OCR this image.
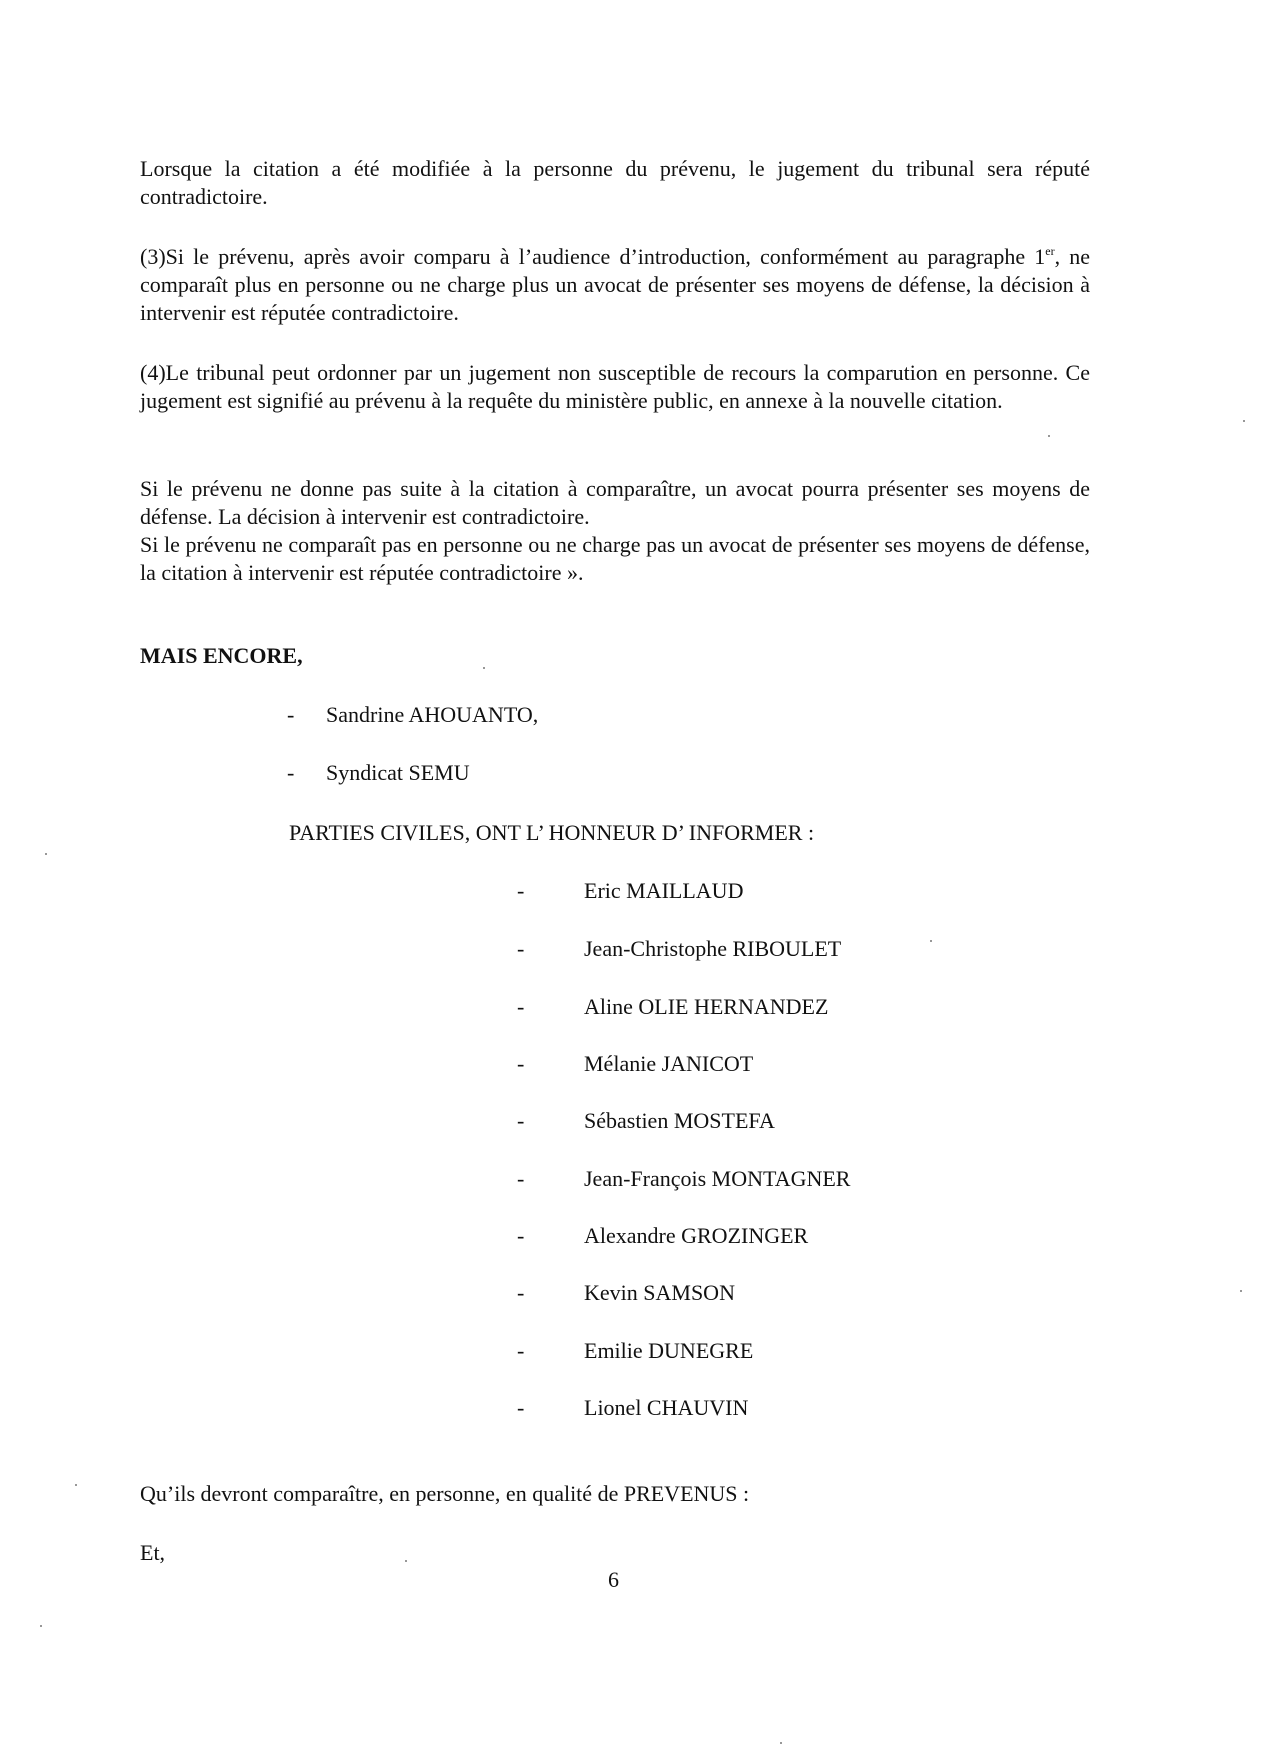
Lorsque la citation a été modifiée à la personne du prévenu, le jugement du tribunal sera réputé contradictoire.

(3)Si le prévenu, après avoir comparu à l’audience d’introduction, conformément au paragraphe 1er, ne comparaît plus en personne ou ne charge plus un avocat de présenter ses moyens de défense, la décision à intervenir est réputée contradictoire.

(4)Le tribunal peut ordonner par un jugement non susceptible de recours la comparution en personne. Ce jugement est signifié au prévenu à la requête du ministère public, en annexe à la nouvelle citation.

Si le prévenu ne donne pas suite à la citation à comparaître, un avocat pourra présenter ses moyens de défense. La décision à intervenir est contradictoire.

Si le prévenu ne comparaît pas en personne ou ne charge pas un avocat de présenter ses moyens de défense, la citation à intervenir est réputée contradictoire ».

MAIS ENCORE,

- Sandrine AHOUANTO,
- Syndicat SEMU
PARTIES CIVILES, ONT L’ HONNEUR D’ INFORMER :
-	Eric MAILLAUD
-	Jean-Christophe RIBOULET
-	Aline OLIE HERNANDEZ
-	Mélanie JANICOT
-	Sébastien MOSTEFA
-	Jean-François MONTAGNER
-	Alexandre GROZINGER
-	Kevin SAMSON
-	Emilie DUNEGRE
-	Lionel CHAUVIN
Qu’ils devront comparaître, en personne, en qualité de PREVENUS :
Et,
6
